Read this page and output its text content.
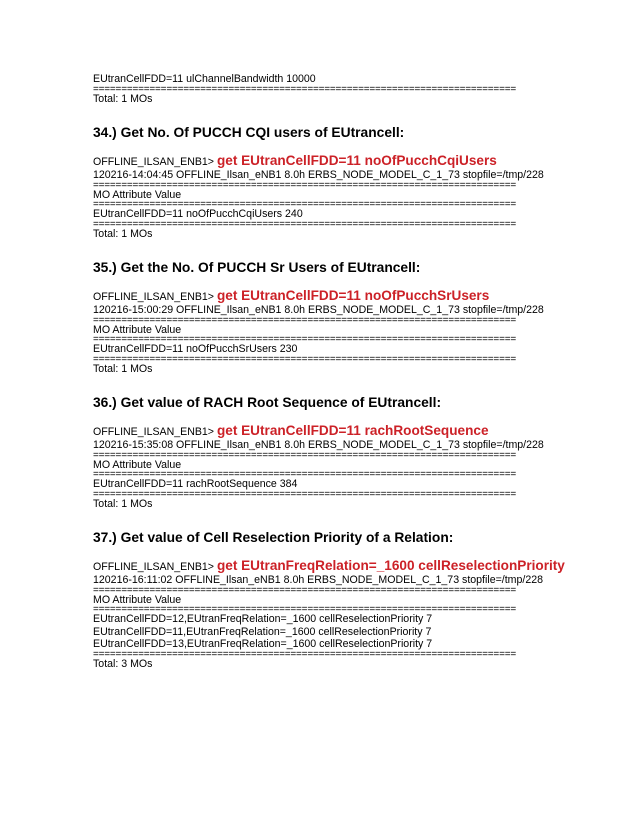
EUtranCellFDD=11 ulChannelBandwidth 10000
=====
Total: 1 MOs
34.) Get No. Of PUCCH CQI users of EUtrancell:
OFFLINE_ILSAN_ENB1> get EUtranCellFDD=11 noOfPucchCqiUsers
120216-14:04:45 OFFLINE_Ilsan_eNB1 8.0h ERBS_NODE_MODEL_C_1_73 stopfile=/tmp/228
=====
MO Attribute Value
=====
EUtranCellFDD=11 noOfPucchCqiUsers 240
=====
Total: 1 MOs
35.) Get the No. Of PUCCH Sr Users of EUtrancell:
OFFLINE_ILSAN_ENB1> get EUtranCellFDD=11 noOfPucchSrUsers
120216-15:00:29 OFFLINE_Ilsan_eNB1 8.0h ERBS_NODE_MODEL_C_1_73 stopfile=/tmp/228
=====
MO Attribute Value
=====
EUtranCellFDD=11 noOfPucchSrUsers 230
=====
Total: 1 MOs
36.) Get value of RACH Root Sequence of EUtrancell:
OFFLINE_ILSAN_ENB1> get EUtranCellFDD=11 rachRootSequence
120216-15:35:08 OFFLINE_Ilsan_eNB1 8.0h ERBS_NODE_MODEL_C_1_73 stopfile=/tmp/228
=====
MO Attribute Value
=====
EUtranCellFDD=11 rachRootSequence 384
=====
Total: 1 MOs
37.) Get value of Cell Reselection Priority of a Relation:
OFFLINE_ILSAN_ENB1> get EUtranFreqRelation=_1600 cellReselectionPriority
120216-16:11:02 OFFLINE_Ilsan_eNB1 8.0h ERBS_NODE_MODEL_C_1_73 stopfile=/tmp/228
=====
MO Attribute Value
=====
EUtranCellFDD=12,EUtranFreqRelation=_1600 cellReselectionPriority 7
EUtranCellFDD=11,EUtranFreqRelation=_1600 cellReselectionPriority 7
EUtranCellFDD=13,EUtranFreqRelation=_1600 cellReselectionPriority 7
=====
Total: 3 MOs
